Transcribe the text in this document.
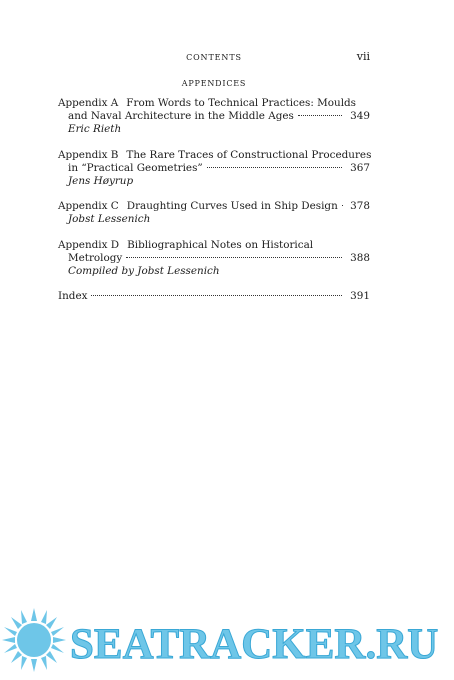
CONTENTS	vii
APPENDICES
Appendix A From Words to Technical Practices: Moulds
and Naval Architecture in the Middle Ages	349
Eric Rieth
Appendix B The Rare Traces of Constructional Procedures
in “Practical Geometries”	367
Jens Høyrup
Appendix C Draughting Curves Used in Ship Design 378
Jobst Lessenich
Appendix D Bibliographical Notes on Historical
Metrology	388
Compiled by Jobst Lessenich
Index	391
SEATRACKER.RU
